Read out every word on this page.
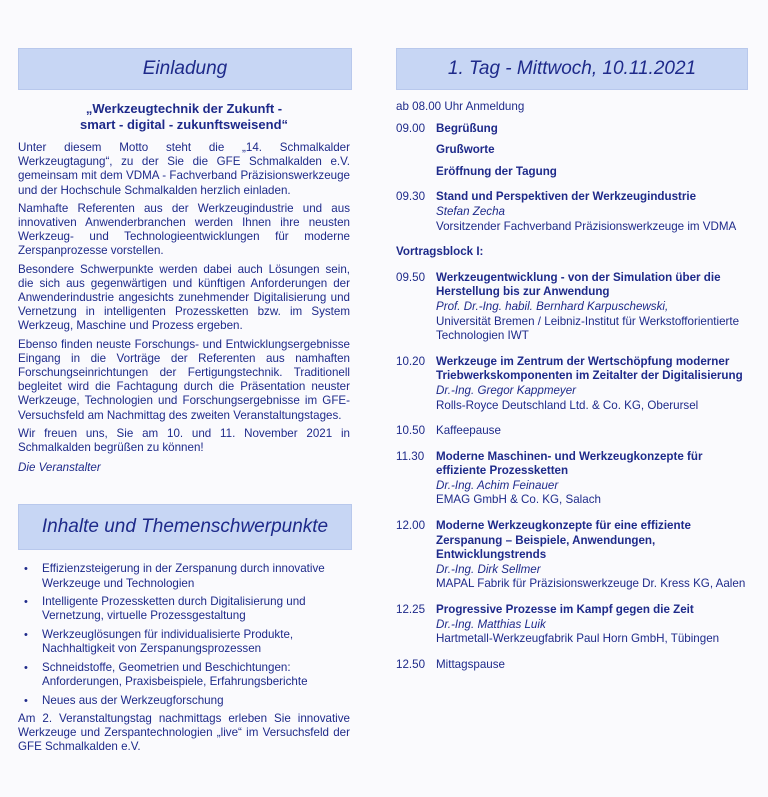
Einladung
„Werkzeugtechnik der Zukunft -
smart - digital - zukunftsweisend“

Unter diesem Motto steht die „14. Schmalkalder Werkzeugtagung“, zu der Sie die GFE Schmalkalden e.V. gemeinsam mit dem VDMA - Fachverband Präzisionswerkzeuge und der Hochschule Schmalkalden herzlich einladen.

Namhafte Referenten aus der Werkzeugindustrie und aus innovativen Anwenderbranchen werden Ihnen ihre neusten Werkzeug- und Technologieentwicklungen für moderne Zerspanprozesse vorstellen.

Besondere Schwerpunkte werden dabei auch Lösungen sein, die sich aus gegenwärtigen und künftigen Anforderungen der Anwenderindustrie angesichts zunehmender Digitalisierung und Vernetzung in intelligenten Prozessketten bzw. im System Werkzeug, Maschine und Prozess ergeben.

Ebenso finden neuste Forschungs- und Entwicklungsergebnisse Eingang in die Vorträge der Referenten aus namhaften Forschungseinrichtungen der Fertigungstechnik. Traditionell begleitet wird die Fachtagung durch die Präsentation neuster Werkzeuge, Technologien und Forschungsergebnisse im GFE-Versuchsfeld am Nachmittag des zweiten Veranstaltungstages.

Wir freuen uns, Sie am 10. und 11. November 2021 in Schmalkalden begrüßen zu können!

Die Veranstalter
Inhalte und Themenschwerpunkte
• Effizienzsteigerung in der Zerspanung durch innovative Werkzeuge und Technologien
• Intelligente Prozessketten durch Digitalisierung und Vernetzung, virtuelle Prozessgestaltung
• Werkzeuglösungen für individualisierte Produkte, Nachhaltigkeit von Zerspanungsprozessen
• Schneidstoffe, Geometrien und Beschichtungen: Anforderungen, Praxisbeispiele, Erfahrungsberichte
• Neues aus der Werkzeugforschung
Am 2. Veranstaltungstag nachmittags erleben Sie innovative Werkzeuge und Zerspantechnologien „live“ im Versuchsfeld der GFE Schmalkalden e.V.
1. Tag - Mittwoch, 10.11.2021
ab 08.00 Uhr Anmeldung
09.00 Begrüßung
Grußworte
Eröffnung der Tagung
09.30 Stand und Perspektiven der Werkzeugindustrie
Stefan Zecha
Vorsitzender Fachverband Präzisionswerkzeuge im VDMA
Vortragsblock I:
09.50 Werkzeugentwicklung - von der Simulation über die Herstellung bis zur Anwendung
Prof. Dr.-Ing. habil. Bernhard Karpuschewski,
Universität Bremen / Leibniz-Institut für Werkstofforientierte Technologien IWT
10.20 Werkzeuge im Zentrum der Wertschöpfung moderner Triebwerkskomponenten im Zeitalter der Digitalisierung
Dr.-Ing. Gregor Kappmeyer
Rolls-Royce Deutschland Ltd. & Co. KG, Oberursel
10.50 Kaffeepause
11.30	Moderne Maschinen- und Werkzeugkonzepte für effiziente Prozessketten
Dr.-Ing. Achim Feinauer
EMAG GmbH & Co. KG, Salach
12.00 Moderne Werkzeugkonzepte für eine effiziente Zerspanung – Beispiele, Anwendungen, Entwicklungstrends
Dr.-Ing. Dirk Sellmer
MAPAL Fabrik für Präzisionswerkzeuge Dr. Kress KG, Aalen
12.25 Progressive Prozesse im Kampf gegen die Zeit
Dr.-Ing. Matthias Luik
Hartmetall-Werkzeugfabrik Paul Horn GmbH, Tübingen
12.50 Mittagspause
